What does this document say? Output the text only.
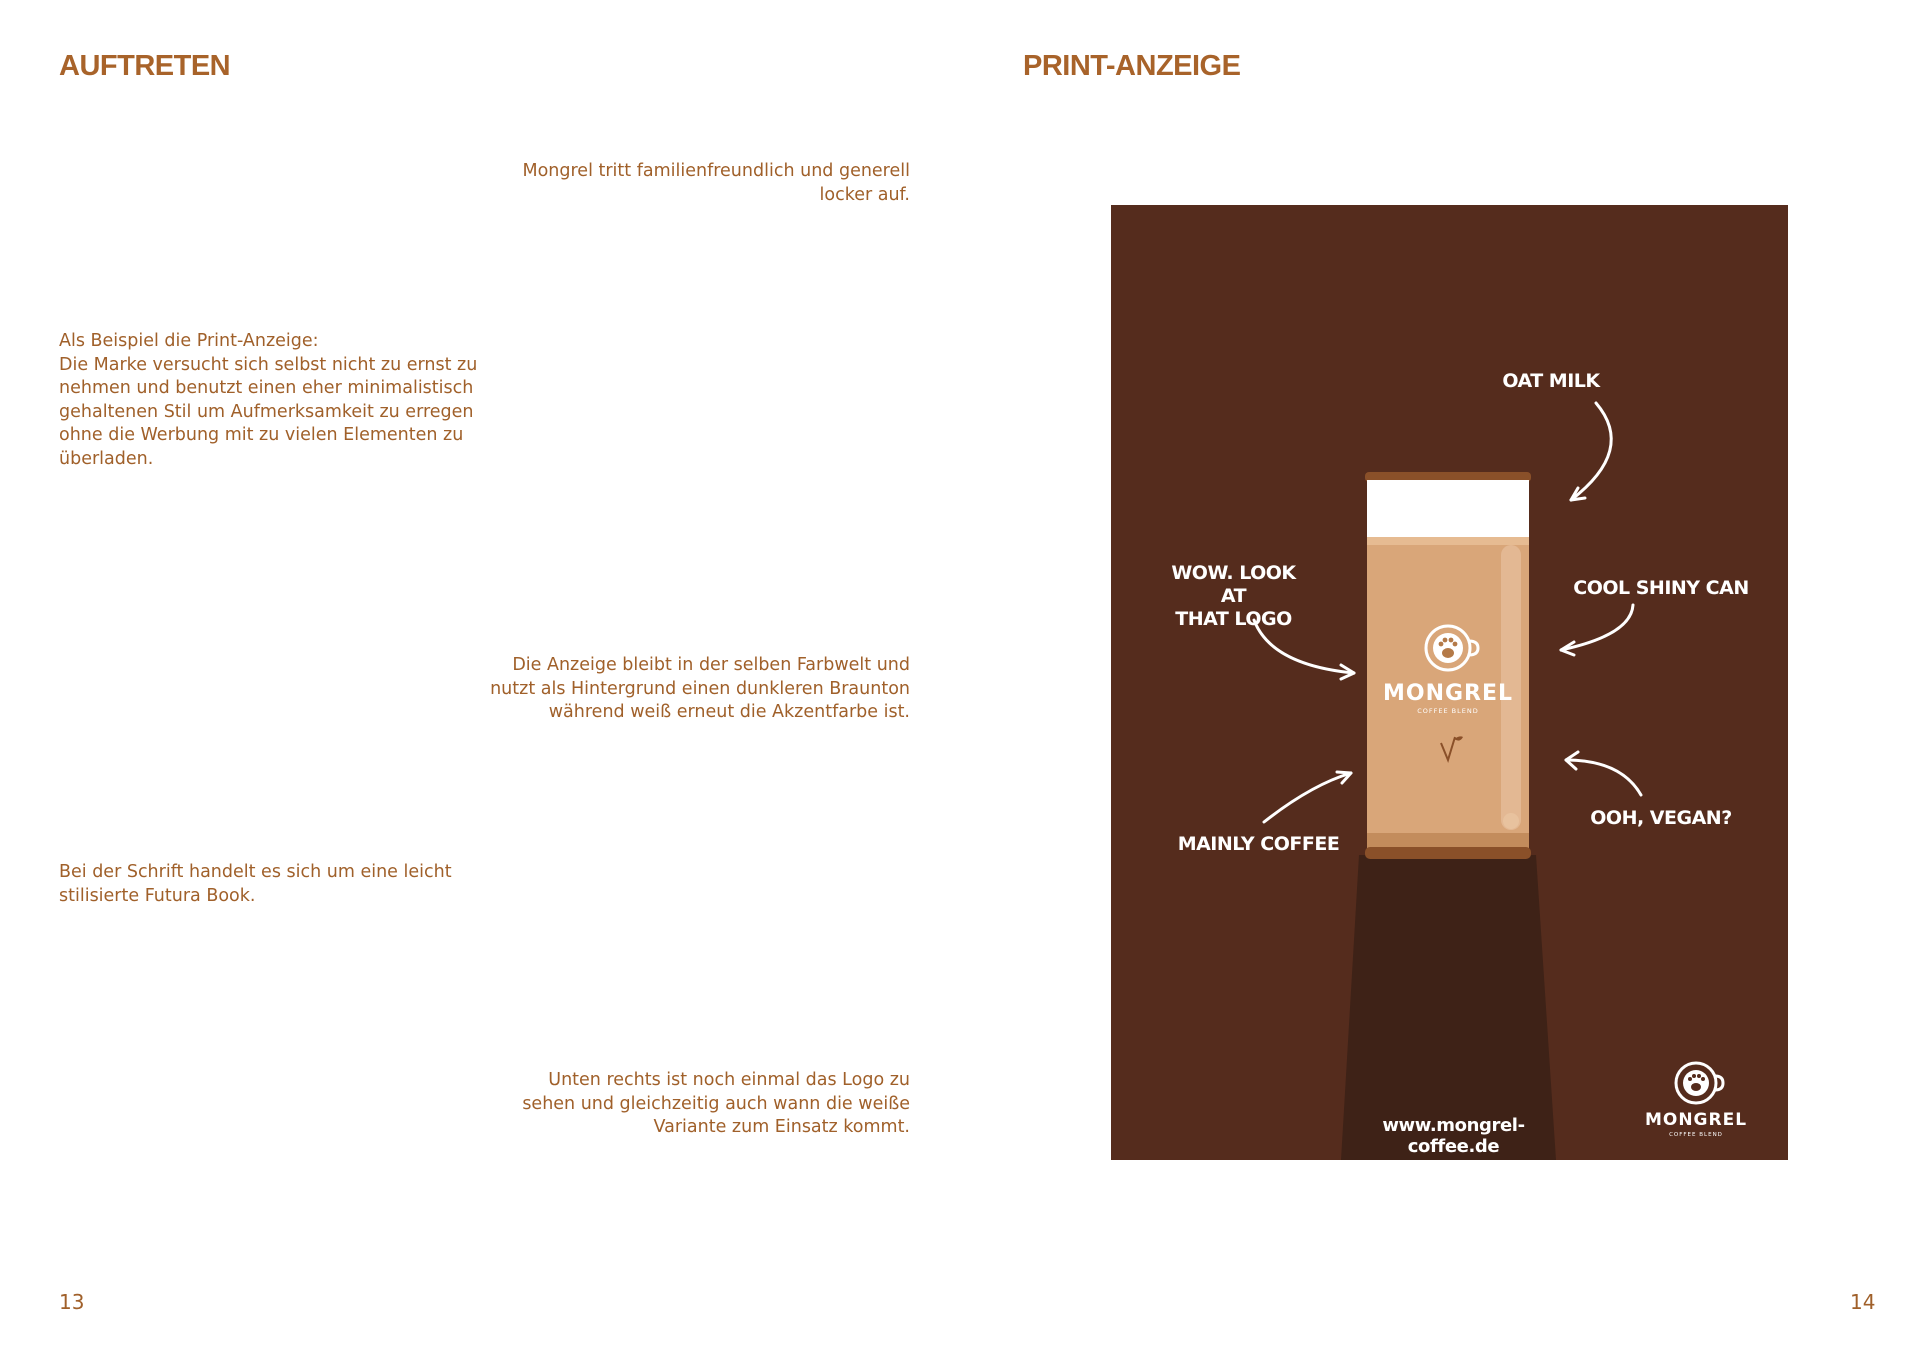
AUFTRETEN

Mongrel tritt familienfreundlich und generell
locker auf.

Als Beispiel die Print-Anzeige:
Die Marke versucht sich selbst nicht zu ernst zu
nehmen und benutzt einen eher minimalistisch
gehaltenen Stil um Aufmerksamkeit zu erregen
ohne die Werbung mit zu vielen Elementen zu
überladen.

Die Anzeige bleibt in der selben Farbwelt und
nutzt als Hintergrund einen dunkleren Braunton
während weiß erneut die Akzentfarbe ist.

Bei der Schrift handelt es sich um eine leicht
stilisierte Futura Book.

Unten rechts ist noch einmal das Logo zu
sehen und gleichzeitig auch wann die weiße
Variante zum Einsatz kommt.

13
PRINT-ANZEIGE
14
OAT MILK
WOW. LOOK AT
THAT LOGO
COOL SHINY CAN
OOH, VEGAN?
MAINLY COFFEE
MONGREL
COFFEE BLEND
www.mongrel-coffee.de
MONGREL
COFFEE BLEND
